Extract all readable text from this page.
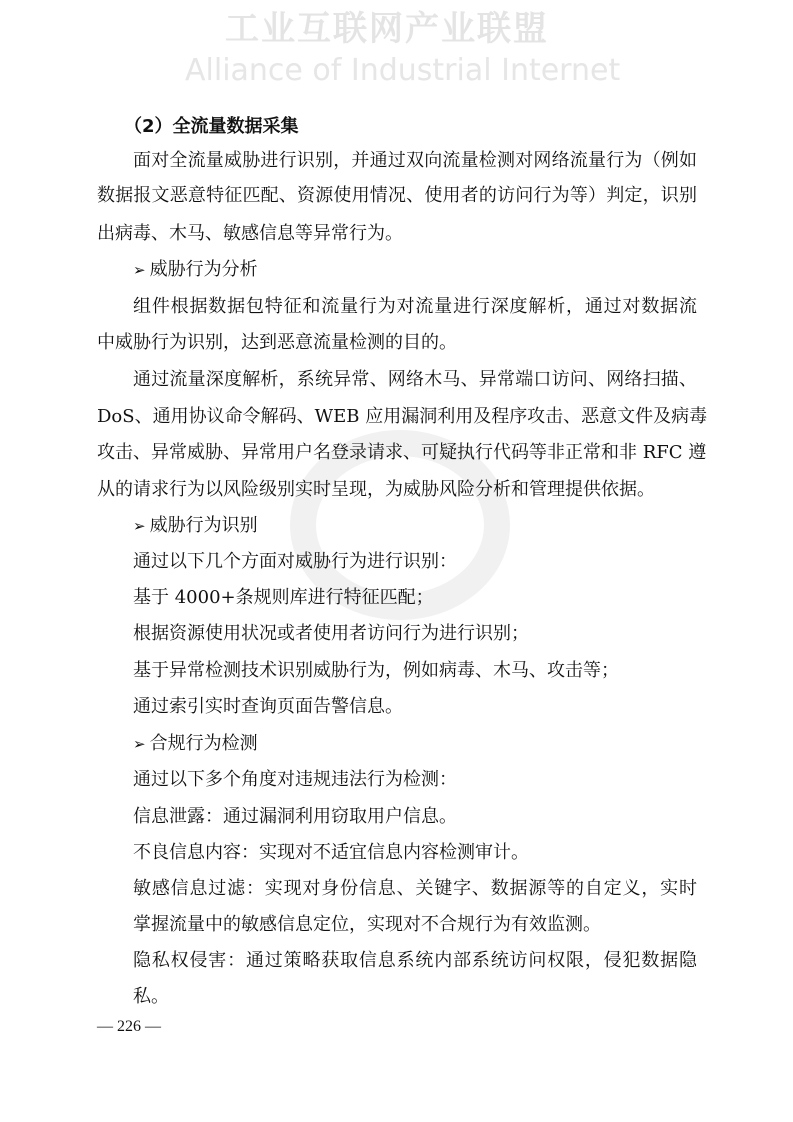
工业互联网产业联盟
Alliance of Industrial Internet
（2）全流量数据采集
面对全流量威胁进行识别，并通过双向流量检测对网络流量行为（例如
数据报文恶意特征匹配、资源使用情况、使用者的访问行为等）判定，识别
出病毒、木马、敏感信息等异常行为。
➢ 威胁行为分析
组件根据数据包特征和流量行为对流量进行深度解析，通过对数据流
中威胁行为识别，达到恶意流量检测的目的。
通过流量深度解析，系统异常、网络木马、异常端口访问、网络扫描、
DoS、通用协议命令解码、WEB 应用漏洞利用及程序攻击、恶意文件及病毒
攻击、异常威胁、异常用户名登录请求、可疑执行代码等非正常和非 RFC 遵
从的请求行为以风险级别实时呈现，为威胁风险分析和管理提供依据。
➢ 威胁行为识别
通过以下几个方面对威胁行为进行识别：
基于 4000+条规则库进行特征匹配；
根据资源使用状况或者使用者访问行为进行识别；
基于异常检测技术识别威胁行为，例如病毒、木马、攻击等；
通过索引实时查询页面告警信息。
➢ 合规行为检测
通过以下多个角度对违规违法行为检测：
信息泄露：通过漏洞利用窃取用户信息。
不良信息内容：实现对不适宜信息内容检测审计。
敏感信息过滤：实现对身份信息、关键字、数据源等的自定义，实时
掌握流量中的敏感信息定位，实现对不合规行为有效监测。
隐私权侵害：通过策略获取信息系统内部系统访问权限，侵犯数据隐
私。
— 226 —
